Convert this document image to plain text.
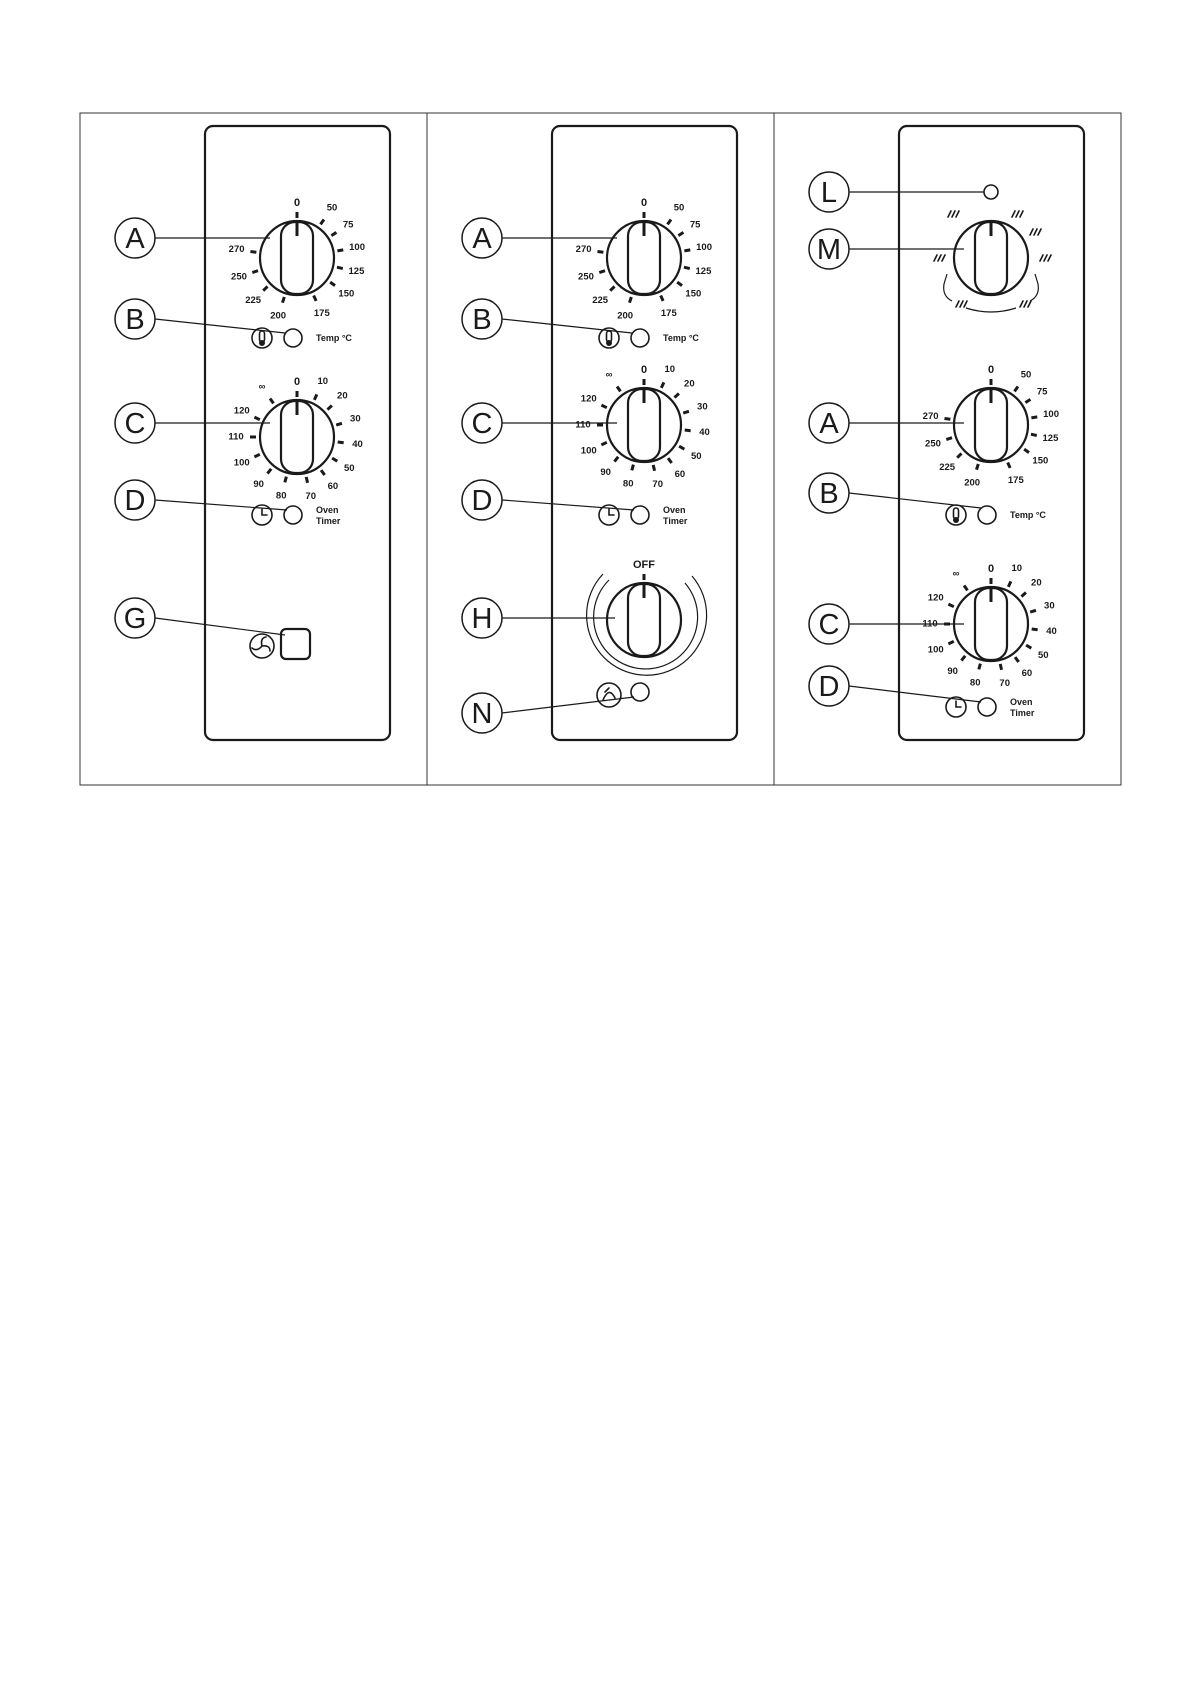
0	50
75
100
125
150
175
200
225
250
270
0 10
20
30
40
50
60
70
80
90
100
110
120
∞
Temp °C
Oven
Timer
A
B
C
D
G
0	50
75
100
125
150
175
200
225
250
270
0 10
20
30
40
50
60
70
80
90
100
110
120
∞
Temp °C
Oven
Timer
OFF
A
B
C
D
H
N
0	50
75
100
125
150
175
200
225
250
270
Temp °C
0 10
20
30
40
50
60
70
80
90
100
110
120
∞
Oven
Timer
L
M
A
B
C
D
